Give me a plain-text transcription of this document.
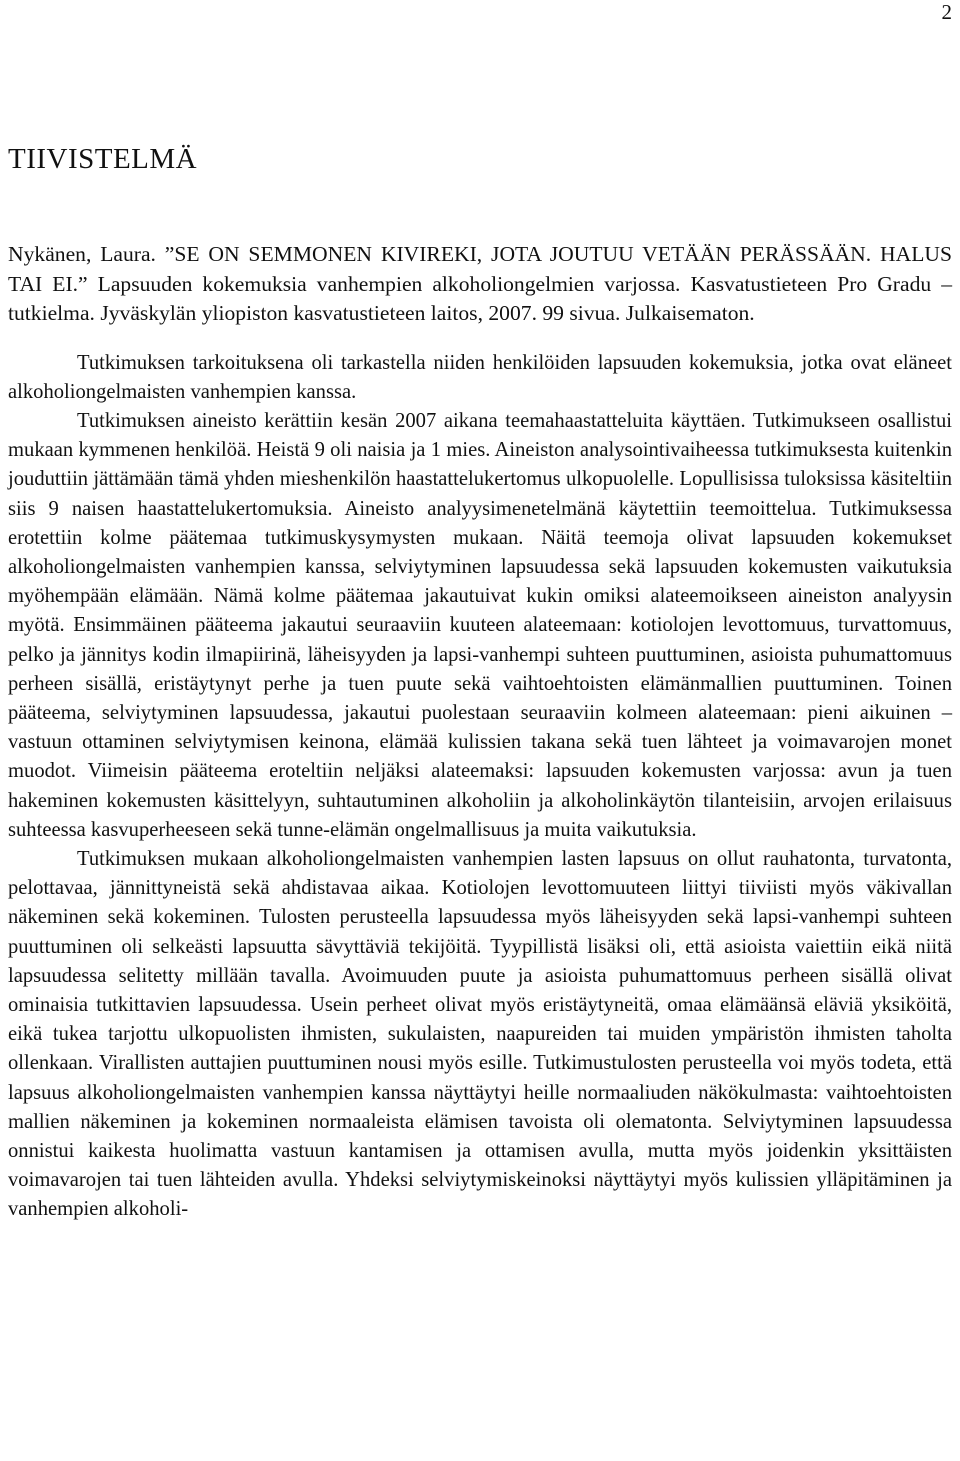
2
TIIVISTELMÄ

Nykänen, Laura. ”SE ON SEMMONEN KIVIREKI, JOTA JOUTUU VETÄÄN PERÄSSÄÄN. HALUS TAI EI.” Lapsuuden kokemuksia vanhempien alkoholiongelmien varjossa. Kasvatustieteen Pro Gradu – tutkielma. Jyväskylän yliopiston kasvatustieteen laitos, 2007. 99 sivua. Julkaisematon.

Tutkimuksen tarkoituksena oli tarkastella niiden henkilöiden lapsuuden kokemuksia, jotka ovat eläneet alkoholiongelmaisten vanhempien kanssa.

Tutkimuksen aineisto kerättiin kesän 2007 aikana teemahaastatteluita käyttäen. Tutkimukseen osallistui mukaan kymmenen henkilöä. Heistä 9 oli naisia ja 1 mies. Aineiston analysointivaiheessa tutkimuksesta kuitenkin jouduttiin jättämään tämä yhden mieshenkilön haastattelukertomus ulkopuolelle. Lopullisissa tuloksissa käsiteltiin siis 9 naisen haastattelukertomuksia. Aineisto analyysimenetelmänä käytettiin teemoittelua. Tutkimuksessa erotettiin kolme päätemaa tutkimuskysymysten mukaan. Näitä teemoja olivat lapsuuden kokemukset alkoholiongelmaisten vanhempien kanssa, selviytyminen lapsuudessa sekä lapsuuden kokemusten vaikutuksia myöhempään elämään. Nämä kolme päätemaa jakautuivat kukin omiksi alateemoikseen aineiston analyysin myötä. Ensimmäinen pääteema jakautui seuraaviin kuuteen alateemaan: kotiolojen levottomuus, turvattomuus, pelko ja jännitys kodin ilmapiirinä, läheisyyden ja lapsi-vanhempi suhteen puuttuminen, asioista puhumattomuus perheen sisällä, eristäytynyt perhe ja tuen puute sekä vaihtoehtoisten elämänmallien puuttuminen. Toinen pääteema, selviytyminen lapsuudessa, jakautui puolestaan seuraaviin kolmeen alateemaan: pieni aikuinen – vastuun ottaminen selviytymisen keinona, elämää kulissien takana sekä tuen lähteet ja voimavarojen monet muodot. Viimeisin pääteema eroteltiin neljäksi alateemaksi: lapsuuden kokemusten varjossa: avun ja tuen hakeminen kokemusten käsittelyyn, suhtautuminen alkoholiin ja alkoholinkäytön tilanteisiin, arvojen erilaisuus suhteessa kasvuperheeseen sekä tunne-elämän ongelmallisuus ja muita vaikutuksia.

Tutkimuksen mukaan alkoholiongelmaisten vanhempien lasten lapsuus on ollut rauhatonta, turvatonta, pelottavaa, jännittyneistä sekä ahdistavaa aikaa. Kotiolojen levottomuuteen liittyi tiiviisti myös väkivallan näkeminen sekä kokeminen. Tulosten perusteella lapsuudessa myös läheisyyden sekä lapsi-vanhempi suhteen puuttuminen oli selkeästi lapsuutta sävyttäviä tekijöitä. Tyypillistä lisäksi oli, että asioista vaiettiin eikä niitä lapsuudessa selitetty millään tavalla. Avoimuuden puute ja asioista puhumattomuus perheen sisällä olivat ominaisia tutkittavien lapsuudessa. Usein perheet olivat myös eristäytyneitä, omaa elämäänsä eläviä yksiköitä, eikä tukea tarjottu ulkopuolisten ihmisten, sukulaisten, naapureiden tai muiden ympäristön ihmisten taholta ollenkaan. Virallisten auttajien puuttuminen nousi myös esille. Tutkimustulosten perusteella voi myös todeta, että lapsuus alkoholiongelmaisten vanhempien kanssa näyttäytyi heille normaaliuden näkökulmasta: vaihtoehtoisten mallien näkeminen ja kokeminen normaaleista elämisen tavoista oli olematonta. Selviytyminen lapsuudessa onnistui kaikesta huolimatta vastuun kantamisen ja ottamisen avulla, mutta myös joidenkin yksittäisten voimavarojen tai tuen lähteiden avulla. Yhdeksi selviytymiskeinoksi näyttäytyi myös kulissien ylläpitäminen ja vanhempien alkoholi-
